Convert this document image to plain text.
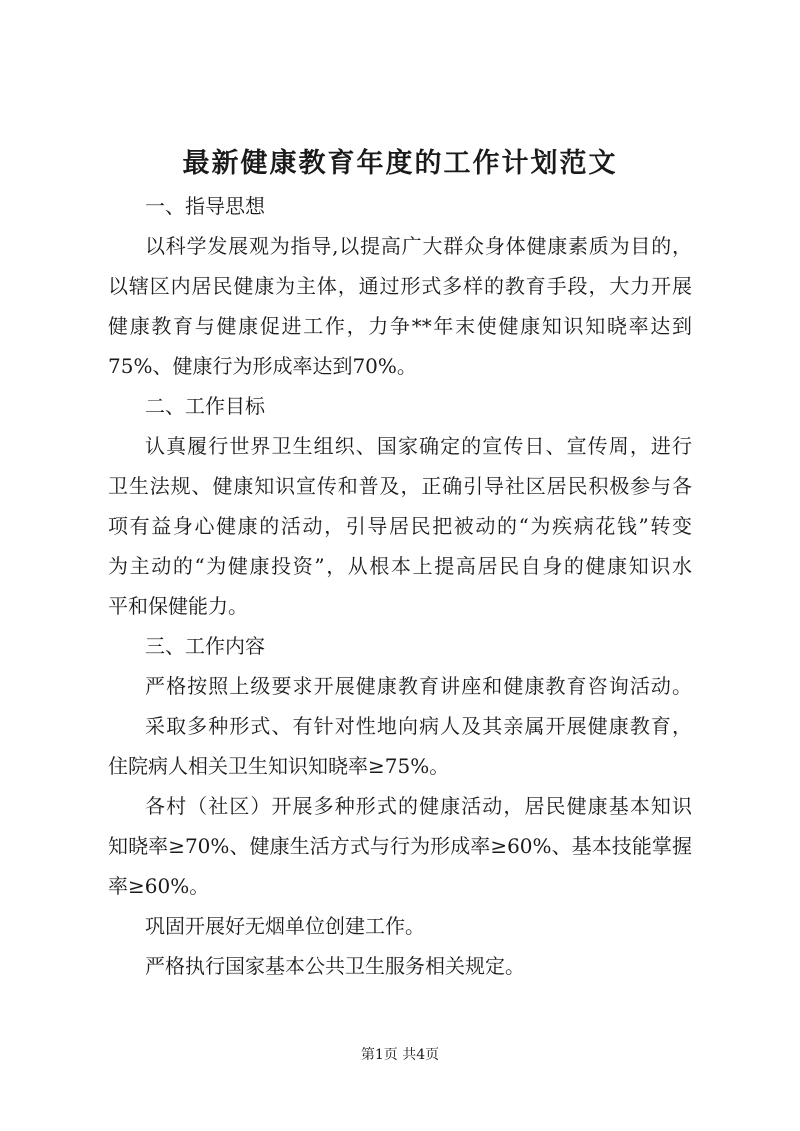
最新健康教育年度的工作计划范文
一、指导思想
以科学发展观为指导,以提高广大群众身体健康素质为目的，
以辖区内居民健康为主体，通过形式多样的教育手段，大力开展
健康教育与健康促进工作，力争**年末使健康知识知晓率达到
75%、健康行为形成率达到70%。
二、工作目标
认真履行世界卫生组织、国家确定的宣传日、宣传周，进行
卫生法规、健康知识宣传和普及，正确引导社区居民积极参与各
项有益身心健康的活动，引导居民把被动的“为疾病花钱”转变
为主动的“为健康投资”，从根本上提高居民自身的健康知识水
平和保健能力。
三、工作内容
严格按照上级要求开展健康教育讲座和健康教育咨询活动。
采取多种形式、有针对性地向病人及其亲属开展健康教育，
住院病人相关卫生知识知晓率≥75%。
各村（社区）开展多种形式的健康活动，居民健康基本知识
知晓率≥70%、健康生活方式与行为形成率≥60%、基本技能掌握
率≥60%。
巩固开展好无烟单位创建工作。
严格执行国家基本公共卫生服务相关规定。
第1页 共4页
